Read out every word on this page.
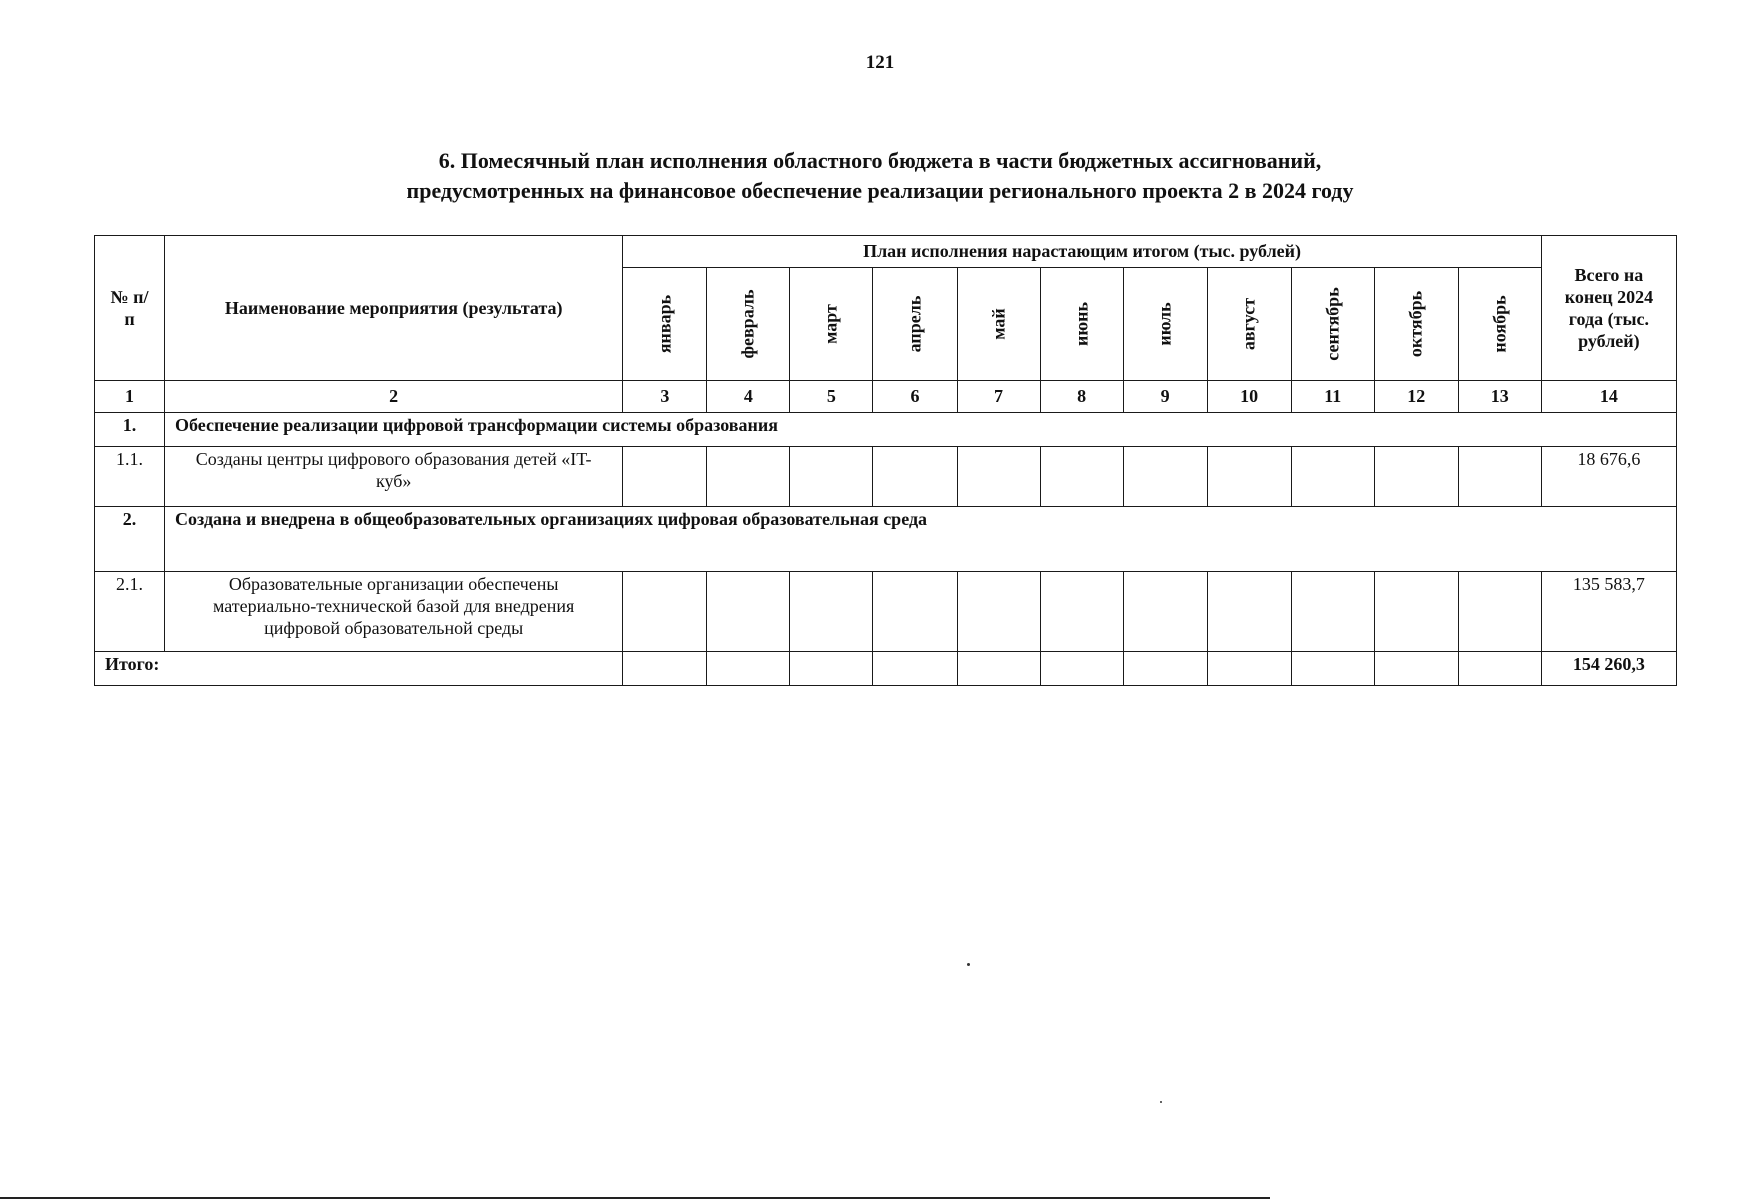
121
6. Помесячный план исполнения областного бюджета в части бюджетных ассигнований,
предусмотренных на финансовое обеспечение реализации регионального проекта 2 в 2024 году
№ п/п	Наименование мероприятия (результата)	План исполнения нарастающим итогом (тыс. рублей)											Всего на конец 2024 года (тыс. рублей)

		январь	февраль	март	апрель	май	июнь	июль	август	сентябрь	октябрь	ноябрь	

1	2	3	4	5	6	7	8	9	10	11	12	13	14
1.	Обеспечение реализации цифровой трансформации системы образования												
1.1.	Созданы центры цифрового образования детей «IT-куб»												18 676,6
2.	Создана и внедрена в общеобразовательных организациях цифровая образовательная среда												
2.1.	Образовательные организации обеспечены материально-технической базой для внедрения цифровой образовательной среды												135 583,7
Итого:													154 260,3
